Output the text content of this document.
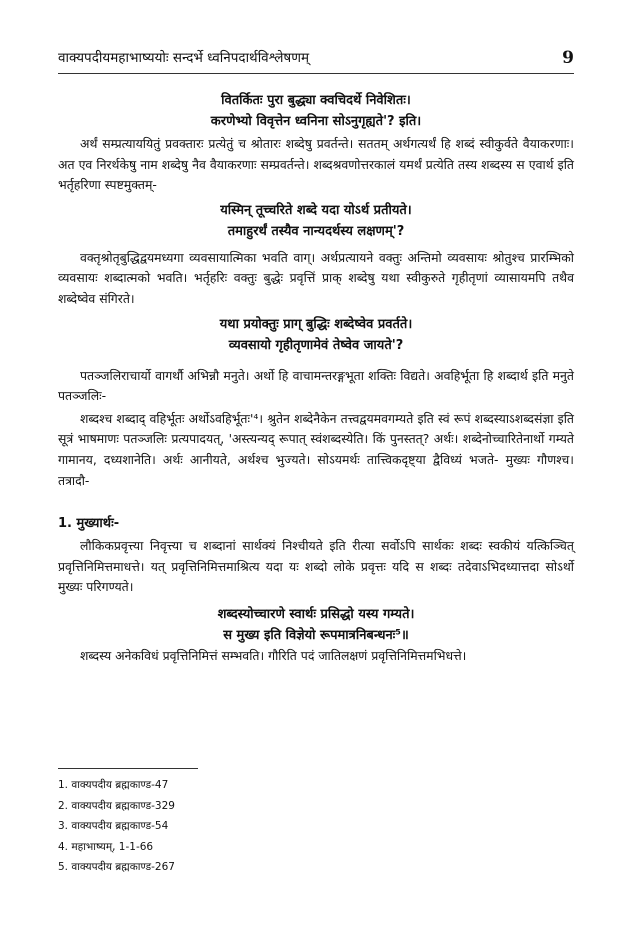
वाक्यपदीयमहाभाष्ययोः सन्दर्भे ध्वनिपदार्थविश्लेषणम्	9
वितर्कितः पुरा बुद्ध्या क्वचिदर्थे निवेशितः।
करणेभ्यो विवृत्तेन ध्वनिना सोऽनुगृह्यते'? इति।

अर्थं सम्प्रत्याययितुं प्रवक्तारः प्रत्येतुं च श्रोतारः शब्देषु प्रवर्तन्ते। सततम् अर्थगत्यर्थं हि शब्दं स्वीकुर्वते वैयाकरणाः। अत एव निरर्थकेषु नाम शब्देषु नैव वैयाकरणाः सम्प्रवर्तन्ते। शब्दश्रवणोत्तरकालं यमर्थं प्रत्येति तस्य शब्दस्य स एवार्थ इति भर्तृहरिणा स्पष्टमुक्तम्-

यस्मिन् तूच्चरिते शब्दे यदा योऽर्थ प्रतीयते।
तमाहुरर्थं तस्यैव नान्यदर्थस्य लक्षणम्'?

वक्तृश्रोतृबुद्धिद्वयमध्यगा व्यवसायात्मिका भवति वाग्। अर्थप्रत्यायने वक्तुः अन्तिमो व्यवसायः श्रोतुश्च प्रारम्भिको व्यवसायः शब्दात्मको भवति। भर्तृहरिः वक्तुः बुद्धेः प्रवृत्तिं प्राक् शब्देषु यथा स्वीकुरुते गृहीतृणां व्यासायमपि तथैव शब्देष्वेव संगिरते।

यथा प्रयोक्तुः प्राग् बुद्धिः शब्देष्वेव प्रवर्तते।
व्यवसायो गृहीतृणामेवं तेष्वेव जायते'?

पतञ्जलिराचार्यो वागर्थौ अभिन्नौ मनुते। अर्थो हि वाचामन्तरङ्गभूता शक्तिः विद्यते। अवहिर्भूता हि शब्दार्थ इति मनुते पतञ्जलिः-

शब्दश्च शब्दाद् वहिर्भूतः अर्थोऽवहिर्भूतः'⁴। श्रुतेन शब्देनैकेन तत्त्वद्वयमवगम्यते इति स्वं रूपं शब्दस्याऽशब्दसंज्ञा इति सूत्रं भाषमाणः पतञ्जलिः प्रत्यपादयत्, 'अस्त्यन्यद् रूपात् स्वंशब्दस्येति। किं पुनस्तत्? अर्थः। शब्देनोच्चारितेनार्थो गम्यते गामानय, दध्यशानेति। अर्थः आनीयते, अर्थश्च भुज्यते। सोऽयमर्थः तात्त्विकदृष्ट्या द्वैविध्यं भजते- मुख्यः गौणश्च। तत्रादौ-

1. मुख्यार्थः-

लौकिकप्रवृत्त्या निवृत्त्या च शब्दानां सार्थक्यं निश्चीयते इति रीत्या सर्वोऽपि सार्थकः शब्दः स्वकीयं यत्किञ्चित् प्रवृत्तिनिमित्तमाधत्ते। यत् प्रवृत्तिनिमित्तमाश्रित्य यदा यः शब्दो लोके प्रवृत्तः यदि स शब्दः तदेवाऽभिदध्यात्तदा सोऽर्थो मुख्यः परिगण्यते।

शब्दस्योच्चारणे स्वार्थः प्रसिद्धो यस्य गम्यते।
स मुख्य इति विज्ञेयो रूपमात्रनिबन्धनः⁵॥

शब्दस्य अनेकविधं प्रवृत्तिनिमित्तं सम्भवति। गौरिति पदं जातिलक्षणं प्रवृत्तिनिमित्तमभिधत्ते।

1. वाक्यपदीय ब्रह्मकाण्ड-47
2. वाक्यपदीय ब्रह्मकाण्ड-329
3. वाक्यपदीय ब्रह्मकाण्ड-54
4. महाभाष्यम्, 1-1-66
5. वाक्यपदीय ब्रह्मकाण्ड-267
